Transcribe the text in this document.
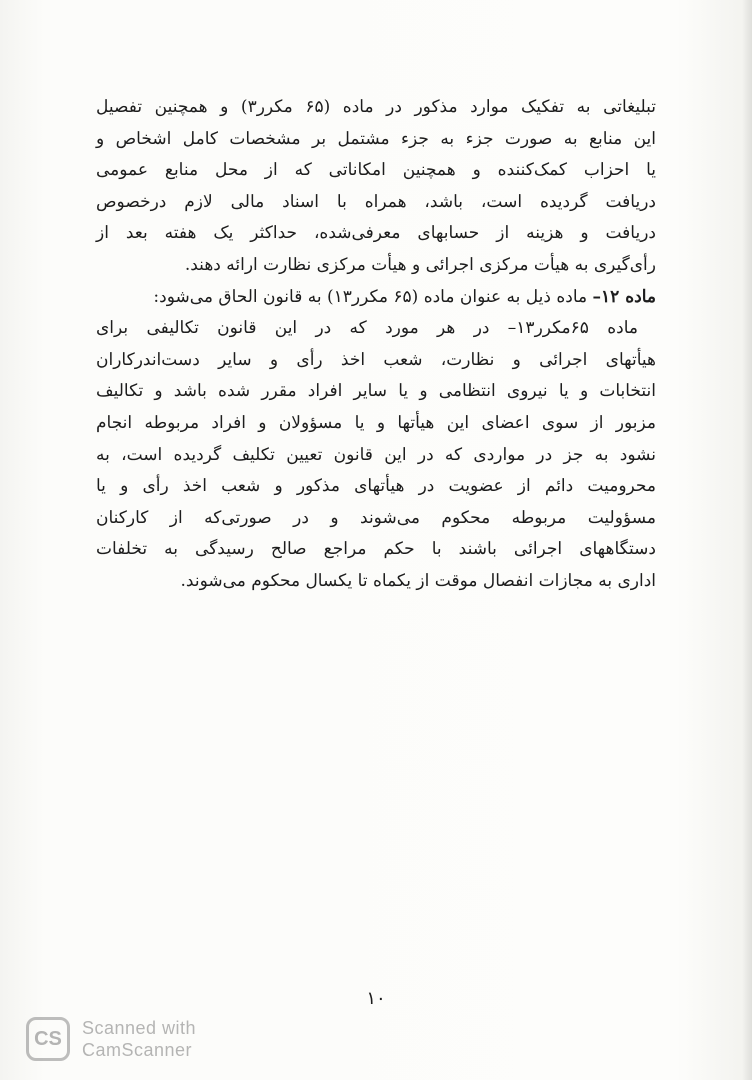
تبلیغاتی به تفکیک موارد مذکور در ماده (۶۵ مکرر۳) و همچنین تفصیل
این منابع به صورت جزء به جزء مشتمل بر مشخصات کامل اشخاص و
یا احزاب کمک‌کننده و همچنین امکاناتی که از محل منابع عمومی
دریافت گردیده است، باشد، همراه با اسناد مالی لازم درخصوص
دریافت و هزینه از حسابهای معرفی‌شده، حداکثر یک هفته بعد از
رأی‌گیری به هیأت مرکزی اجرائی و هیأت مرکزی نظارت ارائه دهند.
ماده ۱۲– ماده ذیل به عنوان ماده (۶۵ مکرر۱۳) به قانون الحاق می‌شود:
ماده ۶۵مکرر۱۳– در هر مورد که در این قانون تکالیفی برای
هیأتهای اجرائی و نظارت، شعب اخذ رأی و سایر دست‌اندرکاران
انتخابات و یا نیروی انتظامی و یا سایر افراد مقرر شده باشد و تکالیف
مزبور از سوی اعضای این هیأتها و یا مسؤولان و افراد مربوطه انجام
نشود به جز در مواردی که در این قانون تعیین تکلیف گردیده است، به
محرومیت دائم از عضویت در هیأتهای مذکور و شعب اخذ رأی و یا
مسؤولیت مربوطه محکوم می‌شوند و در صورتی‌که از کارکنان
دستگاههای اجرائی باشند با حکم مراجع صالح رسیدگی به تخلفات
اداری به مجازات انفصال موقت از یکماه تا یکسال محکوم می‌شوند.
۱۰
CS	Scanned with
CamScanner
